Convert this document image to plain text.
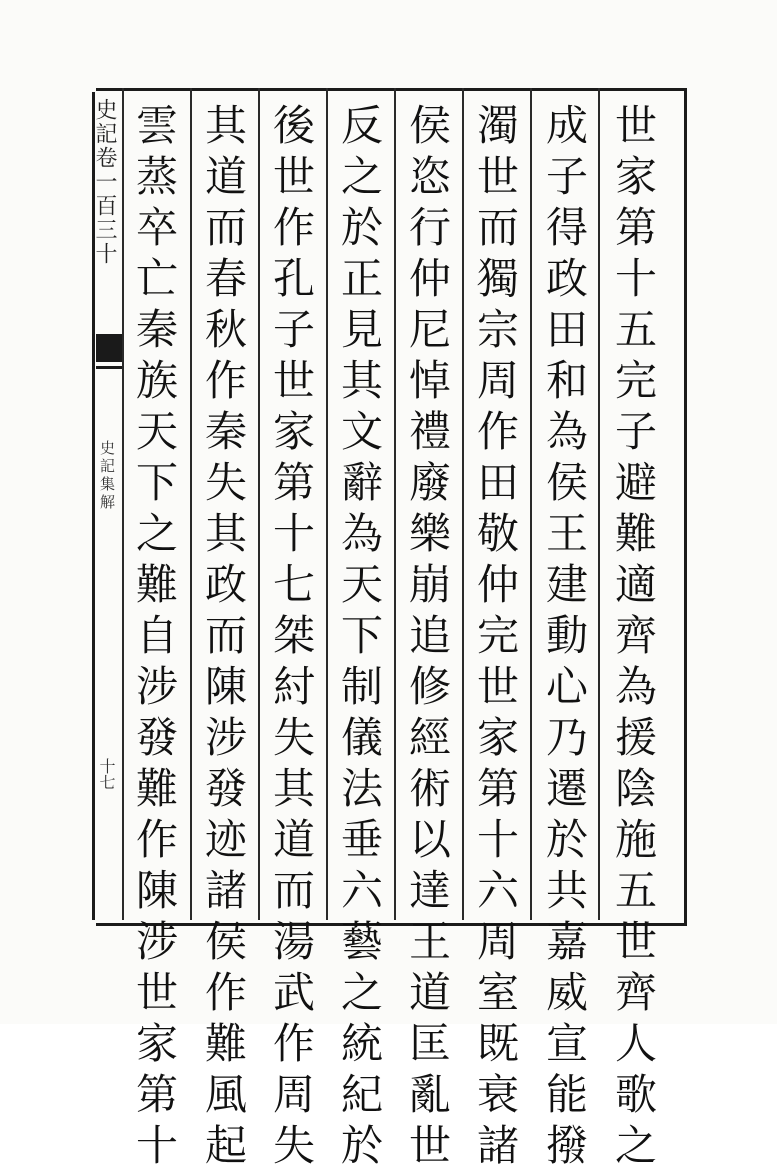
史記卷一百三十
史記集解
十七
世
家
第
十
五
完
子
避
難
適
齊
為
援
陰
施
五
世
齊
人
歌
之
成
子
得
政
田
和
為
侯
王
建
動
心
乃
遷
於
共
嘉
威
宣
能
撥
濁
世
而
獨
宗
周
作
田
敬
仲
完
世
家
第
十
六
周
室
既
衰
諸
侯
恣
行
仲
尼
悼
禮
廢
樂
崩
追
修
經
術
以
達
王
道
匡
亂
世
反
之
於
正
見
其
文
辭
為
天
下
制
儀
法
垂
六
藝
之
統
紀
於
後
世
作
孔
子
世
家
第
十
七
桀
紂
失
其
道
而
湯
武
作
周
失
其
道
而
春
秋
作
秦
失
其
政
而
陳
涉
發
迹
諸
侯
作
難
風
起
雲
蒸
卒
亡
秦
族
天
下
之
難
自
涉
發
難
作
陳
涉
世
家
第
十
